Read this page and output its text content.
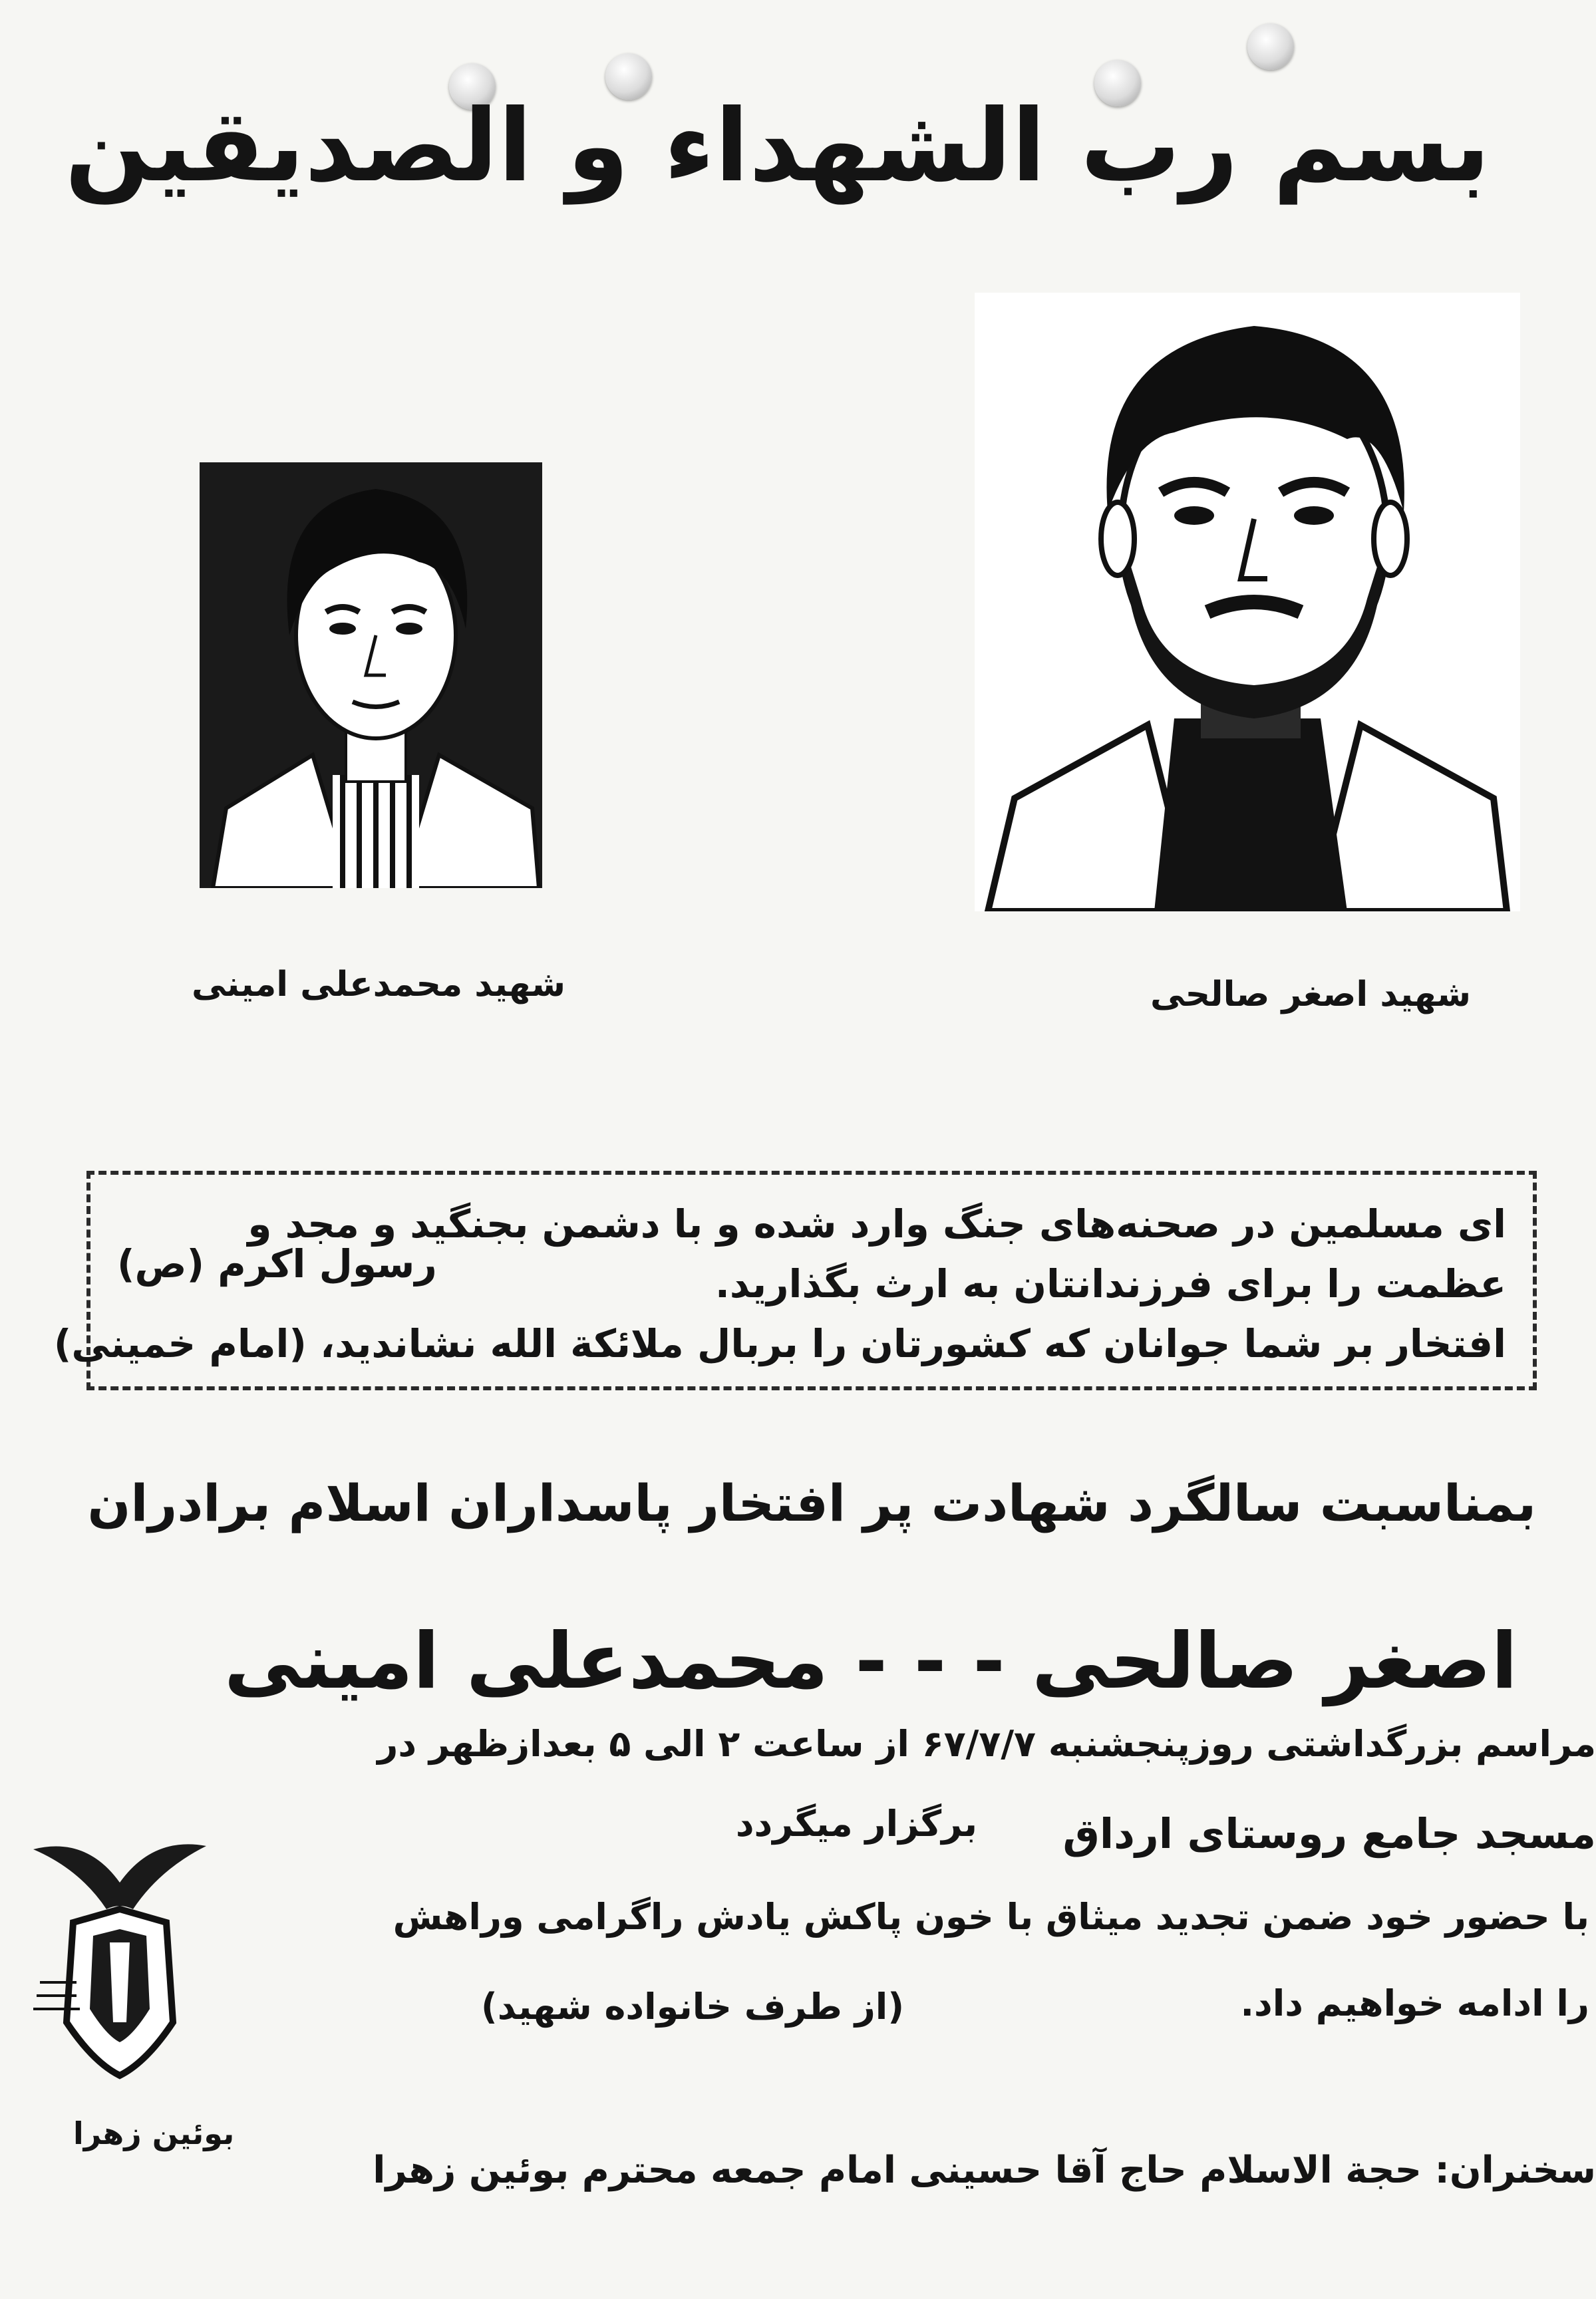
بسم رب الشهداء و الصدیقین
شهید اصغر صالحی
شهید محمدعلی امینی
ای مسلمین در صحنه‌های جنگ وارد شده و با دشمن بجنگید و مجد و
عظمت را برای فرزندانتان به ارث بگذارید.
رسول اکرم (ص)
افتخار بر شما جوانان که کشورتان را بربال ملائکة الله نشاندید، (امام خمینی)
بمناسبت سالگرد شهادت پر افتخار پاسداران اسلام برادران
اصغر صالحی - - - محمدعلی امینی
مراسم بزرگداشتی روزپنجشنبه ۶۷/۷/۷ از ساعت ۲ الی ۵ بعدازظهر در
مسجد جامع روستای ارداق
برگزار میگردد
با حضور خود ضمن تجدید میثاق با خون پاکش یادش راگرامی وراهش
را ادامه خواهیم داد.
(از طرف خانواده شهید)
سخنران: حجة الاسلام حاج آقا حسینی امام جمعه محترم بوئین زهرا
بوئین زهرا
